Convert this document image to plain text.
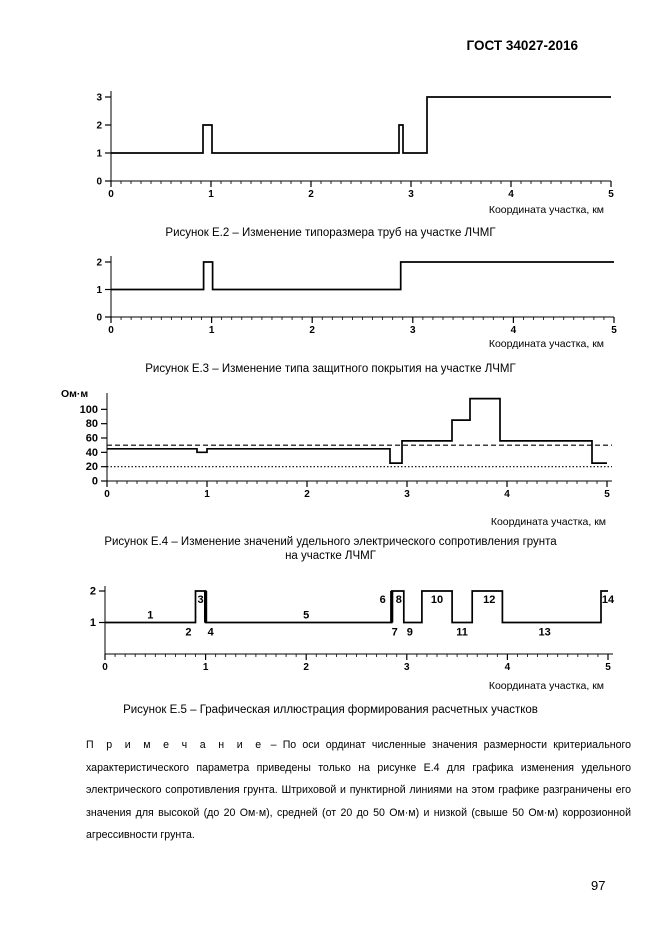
ГОСТ 34027-2016
0	1	2	3	4	5
0
1
2
3
Координата участка, км
Рисунок Е.2 – Изменение типоразмера труб на участке ЛЧМГ
0	1	2	3	4	5
0
1
2
Координата участка, км
Рисунок Е.3 – Изменение типа защитного покрытия на участке ЛЧМГ
0	1	2	3	4	5
0
20
40
60
80
100
Ом·м
Координата участка, км
Рисунок Е.4 – Изменение значений удельного электрического сопротивления грунта
на участке ЛЧМГ
0	1	2	3	4	5
1
2
1
2
3
4
5
6
7
8
9
10
11
12
13
14
Координата участка, км
Рисунок Е.5 – Графическая иллюстрация формирования расчетных участков
П р и м е ч а н и е – По оси ординат численные значения размерности критериального характеристического параметра приведены только на рисунке Е.4 для графика изменения удельного электрического сопротивления грунта. Штриховой и пунктирной линиями на этом графике разграничены его значения для высокой (до 20 Ом·м), средней (от 20 до 50 Ом·м) и низкой (свыше 50 Ом·м) коррозионной агрессивности грунта.
97
